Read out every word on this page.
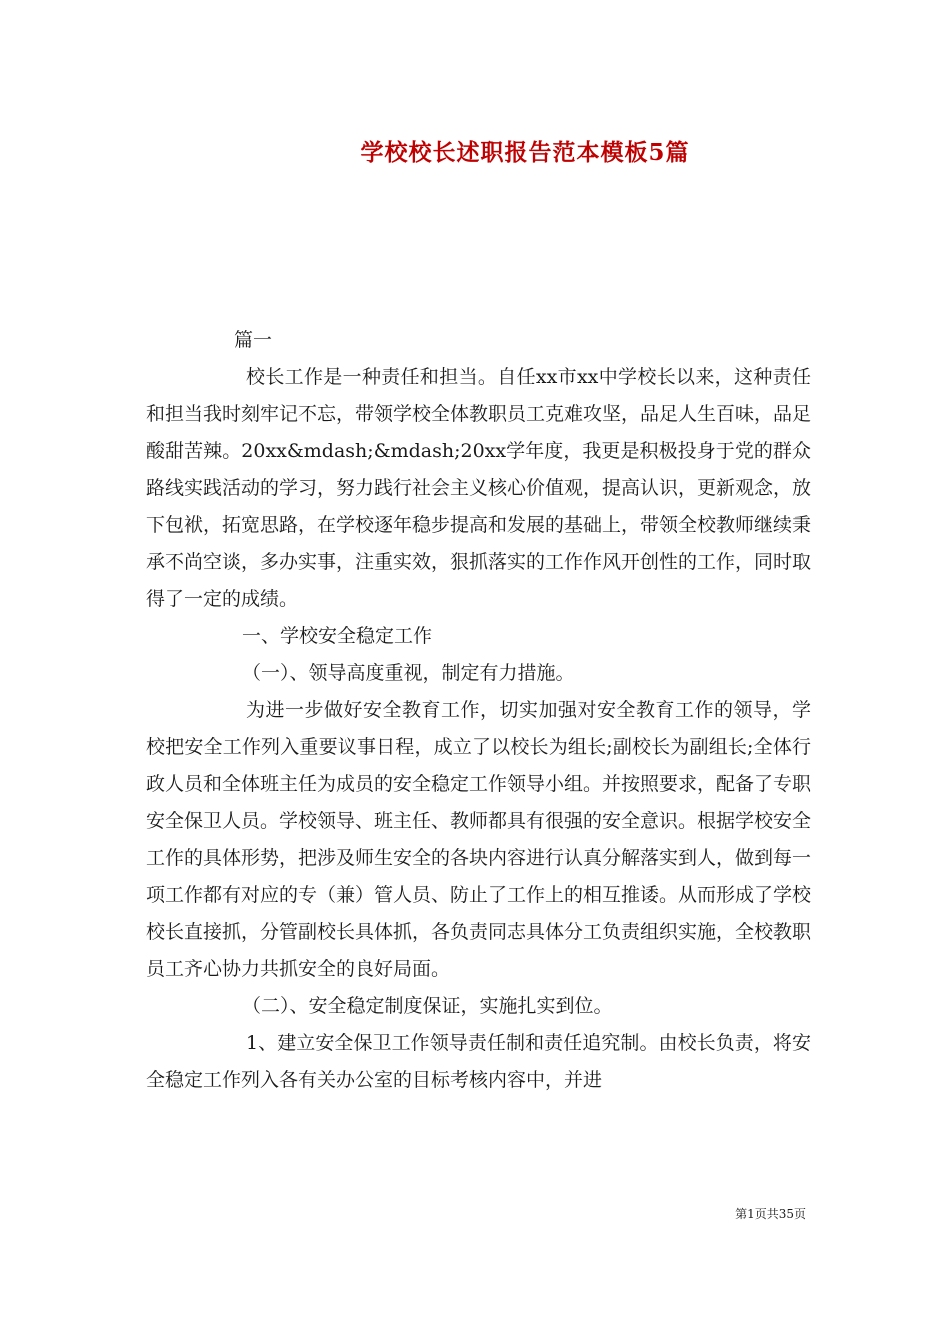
学校校长述职报告范本模板5篇

篇一

校长工作是一种责任和担当。自任xx市xx中学校长以来，这种责任和担当我时刻牢记不忘，带领学校全体教职员工克难攻坚，品足人生百味，品足酸甜苦辣。20xx&mdash;&mdash;20xx学年度，我更是积极投身于党的群众路线实践活动的学习，努力践行社会主义核心价值观，提高认识，更新观念，放下包袱，拓宽思路，在学校逐年稳步提高和发展的基础上，带领全校教师继续秉承不尚空谈，多办实事，注重实效，狠抓落实的工作作风开创性的工作，同时取得了一定的成绩。

一、学校安全稳定工作

（一）、领导高度重视，制定有力措施。

为进一步做好安全教育工作，切实加强对安全教育工作的领导，学校把安全工作列入重要议事日程，成立了以校长为组长;副校长为副组长;全体行政人员和全体班主任为成员的安全稳定工作领导小组。并按照要求，配备了专职安全保卫人员。学校领导、班主任、教师都具有很强的安全意识。根据学校安全工作的具体形势，把涉及师生安全的各块内容进行认真分解落实到人，做到每一项工作都有对应的专（兼）管人员、防止了工作上的相互推诿。从而形成了学校校长直接抓，分管副校长具体抓，各负责同志具体分工负责组织实施，全校教职员工齐心协力共抓安全的良好局面。

（二）、安全稳定制度保证，实施扎实到位。

1、建立安全保卫工作领导责任制和责任追究制。由校长负责，将安全稳定工作列入各有关办公室的目标考核内容中，并进

第1页共35页
